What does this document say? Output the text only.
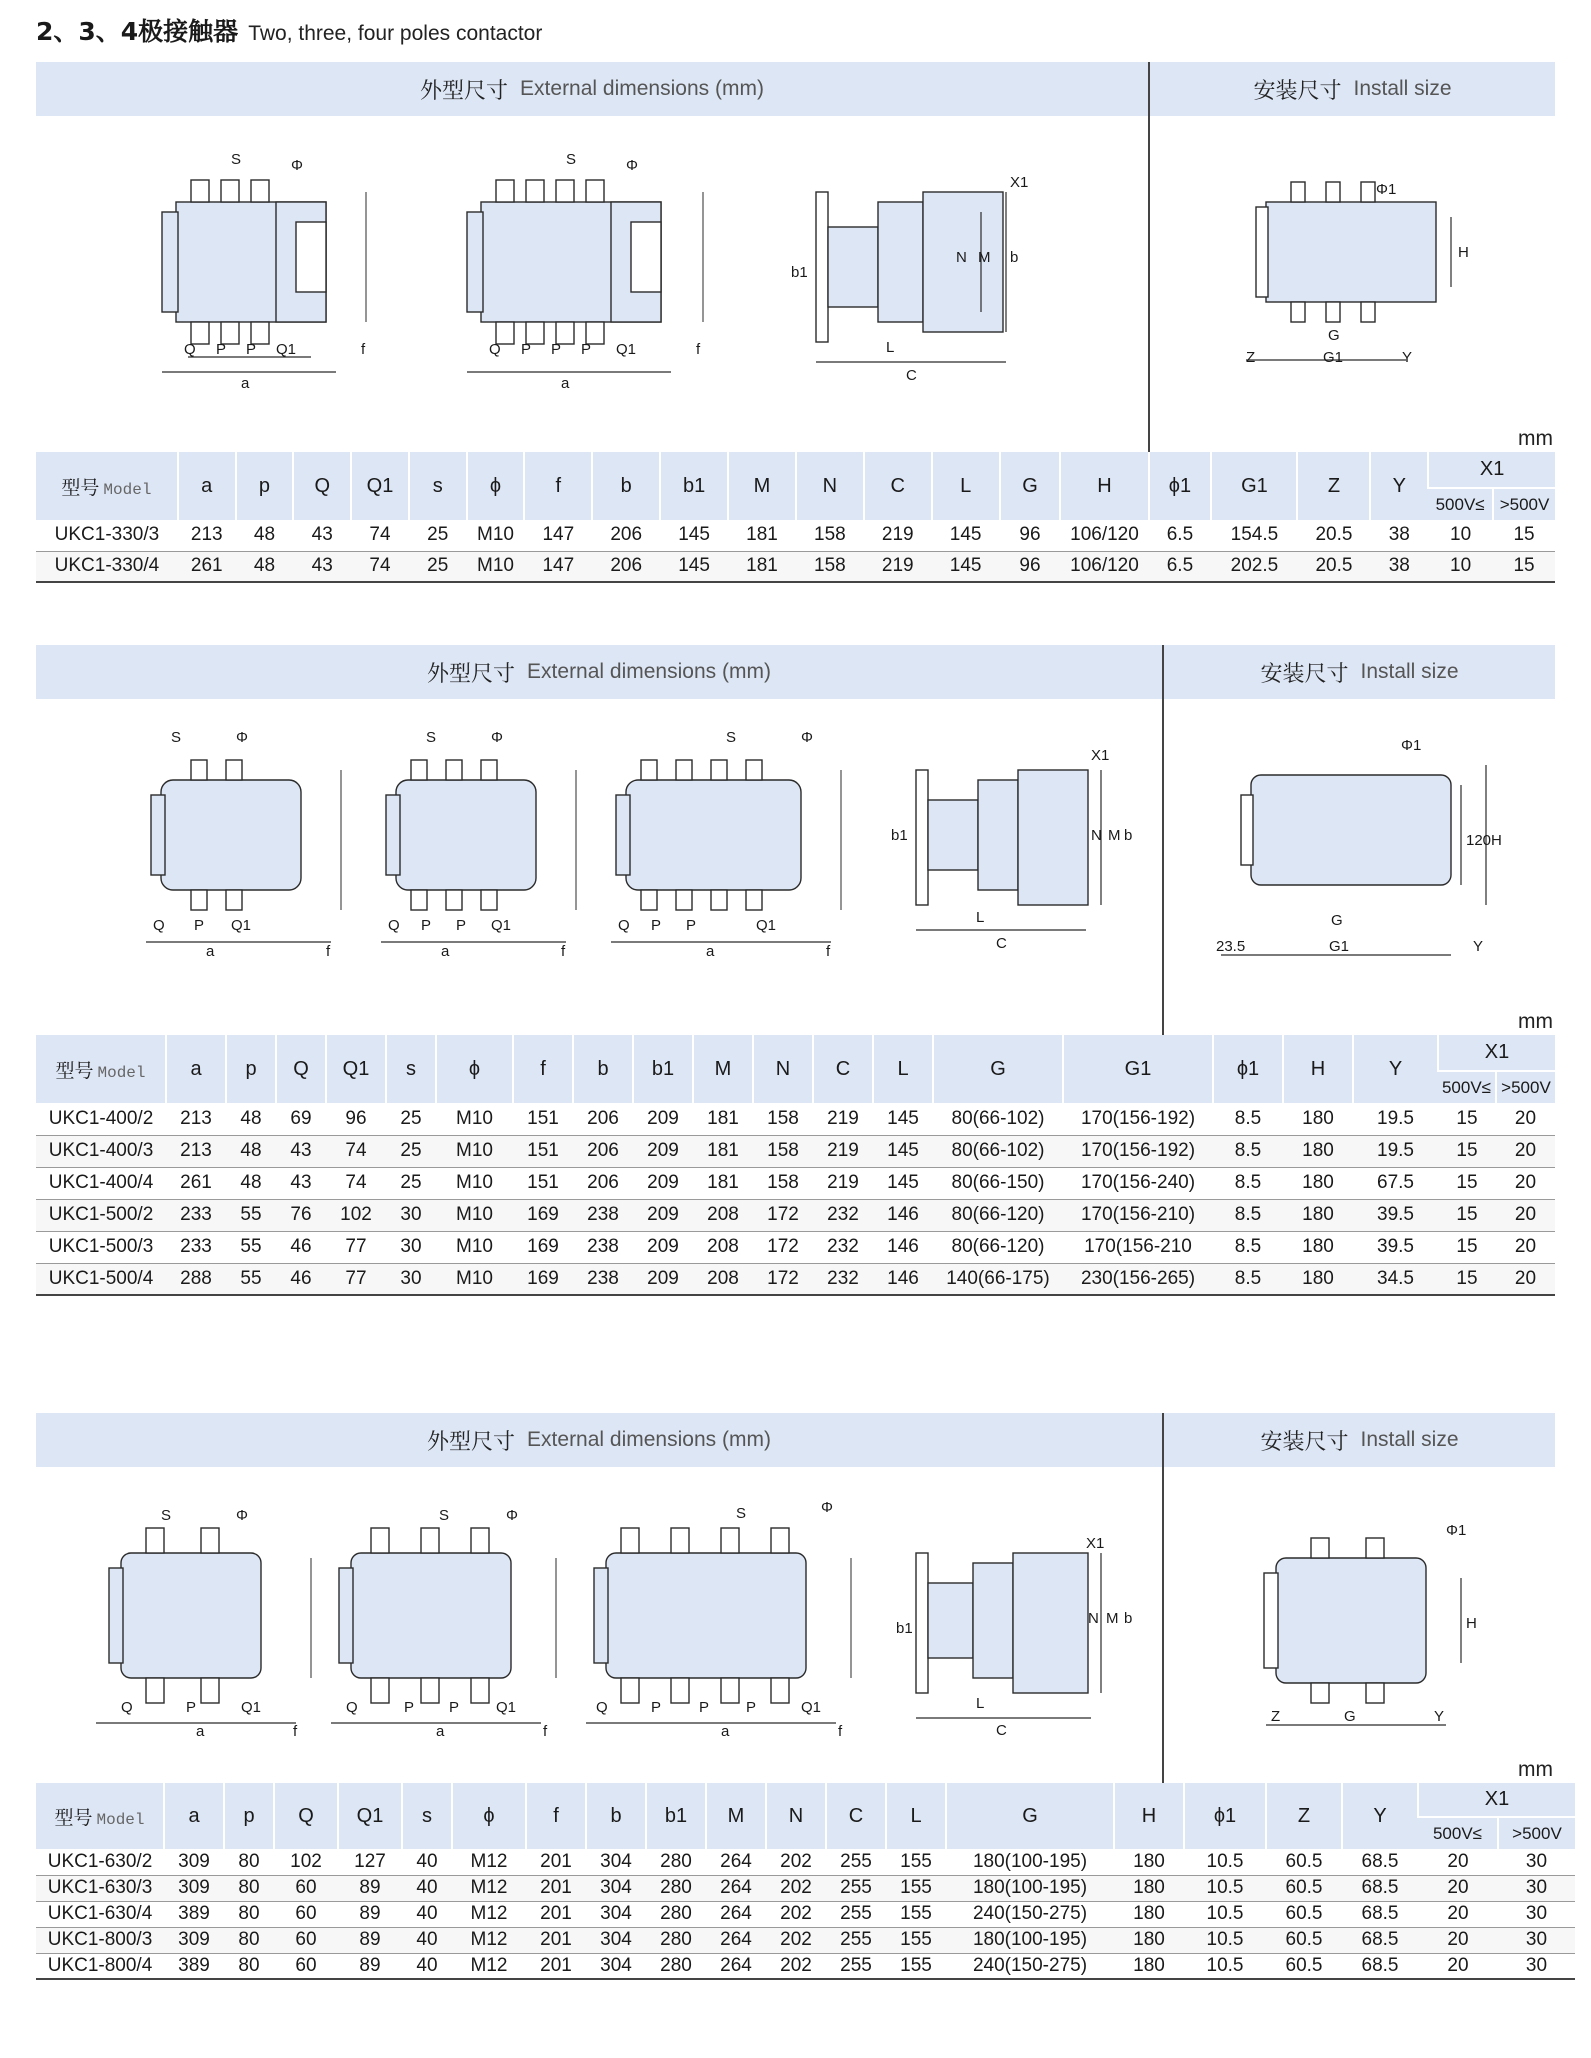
2、3、4极接触器 Two, three, four poles contactor
外型尺寸 External dimensions (mm)	安装尺寸 Install size
S	Φ
Q P P Q1
a
f
S	Φ
Q P P P Q1
a
f
b1
N M b
L
C
X1	Φ1
H
G
G1
Z	Y
mm
型号 Model	a	p	Q	Q1	s	ϕ	f	b	b1	M	N	C	L	G	H	ϕ1	G1	Z	Y	X1	
																				500V≤	>500V
UKC1-330/3	213	48	43	74	25	M10	147	206	145	181	158	219	145	96	106/120	6.5	154.5	20.5	38	10	15
UKC1-330/4	261	48	43	74	25	M10	147	206	145	181	158	219	145	96	106/120	6.5	202.5	20.5	38	10	15
外型尺寸 External dimensions (mm)	安装尺寸 Install size
S	Φ
Q P Q1
a	f
S	Φ
Q P P Q1
a	f
S	Φ
Q P P	Q1
a	f
b1	N M b
L
C
X1
Φ1
120 H
G
G1
23.5	Y
mm
型号 Model	a	p	Q	Q1	s	ϕ	f	b	b1	M	N	C	L	G	G1	ϕ1	H	Y	X1	
																			500V≤	>500V
UKC1-400/2	213	48	69	96	25	M10	151	206	209	181	158	219	145	80(66-102)	170(156-192)	8.5	180	19.5	15	20
UKC1-400/3	213	48	43	74	25	M10	151	206	209	181	158	219	145	80(66-102)	170(156-192)	8.5	180	19.5	15	20
UKC1-400/4	261	48	43	74	25	M10	151	206	209	181	158	219	145	80(66-150)	170(156-240)	8.5	180	67.5	15	20
UKC1-500/2	233	55	76	102	30	M10	169	238	209	208	172	232	146	80(66-120)	170(156-210)	8.5	180	39.5	15	20
UKC1-500/3	233	55	46	77	30	M10	169	238	209	208	172	232	146	80(66-120)	170(156-210	8.5	180	39.5	15	20
UKC1-500/4	288	55	46	77	30	M10	169	238	209	208	172	232	146	140(66-175)	230(156-265)	8.5	180	34.5	15	20
外型尺寸 External dimensions (mm)	安装尺寸 Install size
S	Φ
Q	P	Q1
a	f
S	Φ
Q	P P Q1
a	f
S	Φ
Q	P	P P	Q1
a	f
b1
N M b
L
C
X1
Φ1
H
G
Z	Y
mm
型号 Model	a	p	Q	Q1	s	ϕ	f	b	b1	M	N	C	L	G	H	ϕ1	Z	Y	X1	
																			500V≤	>500V
UKC1-630/2	309	80	102	127	40	M12	201	304	280	264	202	255	155	180(100-195)	180	10.5	60.5	68.5	20	30
UKC1-630/3	309	80	60	89	40	M12	201	304	280	264	202	255	155	180(100-195)	180	10.5	60.5	68.5	20	30
UKC1-630/4	389	80	60	89	40	M12	201	304	280	264	202	255	155	240(150-275)	180	10.5	60.5	68.5	20	30
UKC1-800/3	309	80	60	89	40	M12	201	304	280	264	202	255	155	180(100-195)	180	10.5	60.5	68.5	20	30
UKC1-800/4	389	80	60	89	40	M12	201	304	280	264	202	255	155	240(150-275)	180	10.5	60.5	68.5	20	30
